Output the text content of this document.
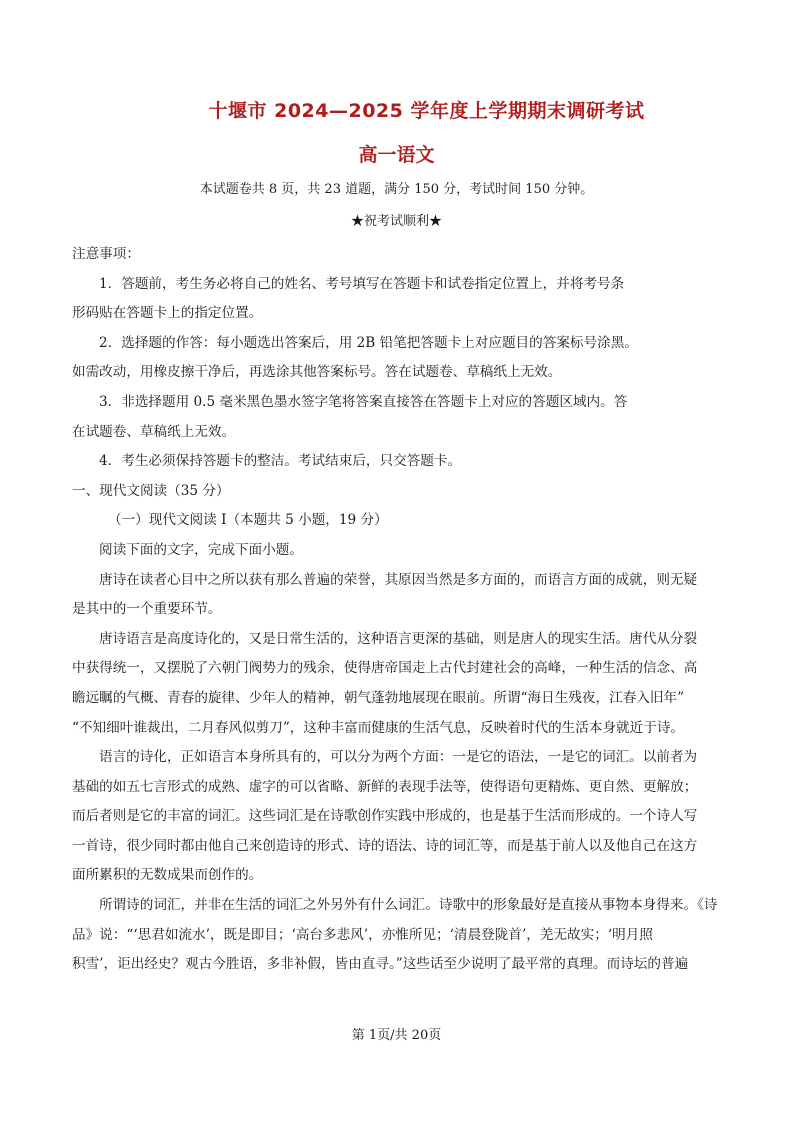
十堰市 2024—2025 学年度上学期期末调研考试
高一语文
本试题卷共 8 页，共 23 道题，满分 150 分，考试时间 150 分钟。
★祝考试顺利★

注意事项：

1．答题前，考生务必将自己的姓名、考号填写在答题卡和试卷指定位置上，并将考号条

形码贴在答题卡上的指定位置。

2．选择题的作答：每小题选出答案后，用 2B 铅笔把答题卡上对应题目的答案标号涂黑。

如需改动，用橡皮擦干净后，再选涂其他答案标号。答在试题卷、草稿纸上无效。

3．非选择题用 0.5 毫米黑色墨水签字笔将答案直接答在答题卡上对应的答题区域内。答

在试题卷、草稿纸上无效。

4．考生必须保持答题卡的整洁。考试结束后，只交答题卡。

一、现代文阅读（35 分）

（一）现代文阅读 I（本题共 5 小题，19 分）

阅读下面的文字，完成下面小题。

唐诗在读者心目中之所以获有那么普遍的荣誉，其原因当然是多方面的，而语言方面的成就，则无疑

是其中的一个重要环节。

唐诗语言是高度诗化的，又是日常生活的，这种语言更深的基础，则是唐人的现实生活。唐代从分裂

中获得统一，又摆脱了六朝门阀势力的残余，使得唐帝国走上古代封建社会的高峰，一种生活的信念、高

瞻远瞩的气概、青春的旋律、少年人的精神，朝气蓬勃地展现在眼前。所谓“海日生残夜，江春入旧年”

“不知细叶谁裁出，二月春风似剪刀”，这种丰富而健康的生活气息，反映着时代的生活本身就近于诗。

语言的诗化，正如语言本身所具有的，可以分为两个方面：一是它的语法，一是它的词汇。以前者为

基础的如五七言形式的成熟、虚字的可以省略、新鲜的表现手法等，使得语句更精炼、更自然、更解放；

而后者则是它的丰富的词汇。这些词汇是在诗歌创作实践中形成的，也是基于生活而形成的。一个诗人写

一首诗，很少同时都由他自己来创造诗的形式、诗的语法、诗的词汇等，而是基于前人以及他自己在这方

面所累积的无数成果而创作的。

所谓诗的词汇，并非在生活的词汇之外另外有什么词汇。诗歌中的形象最好是直接从事物本身得来。《诗

品》说：“‘思君如流水’，既是即目；‘高台多悲风’，亦惟所见；‘清晨登陇首’，羌无故实；‘明月照

积雪’，讵出经史？观古今胜语，多非补假，皆由直寻。”这些话至少说明了最平常的真理。而诗坛的普遍

第 1页/共 20页
